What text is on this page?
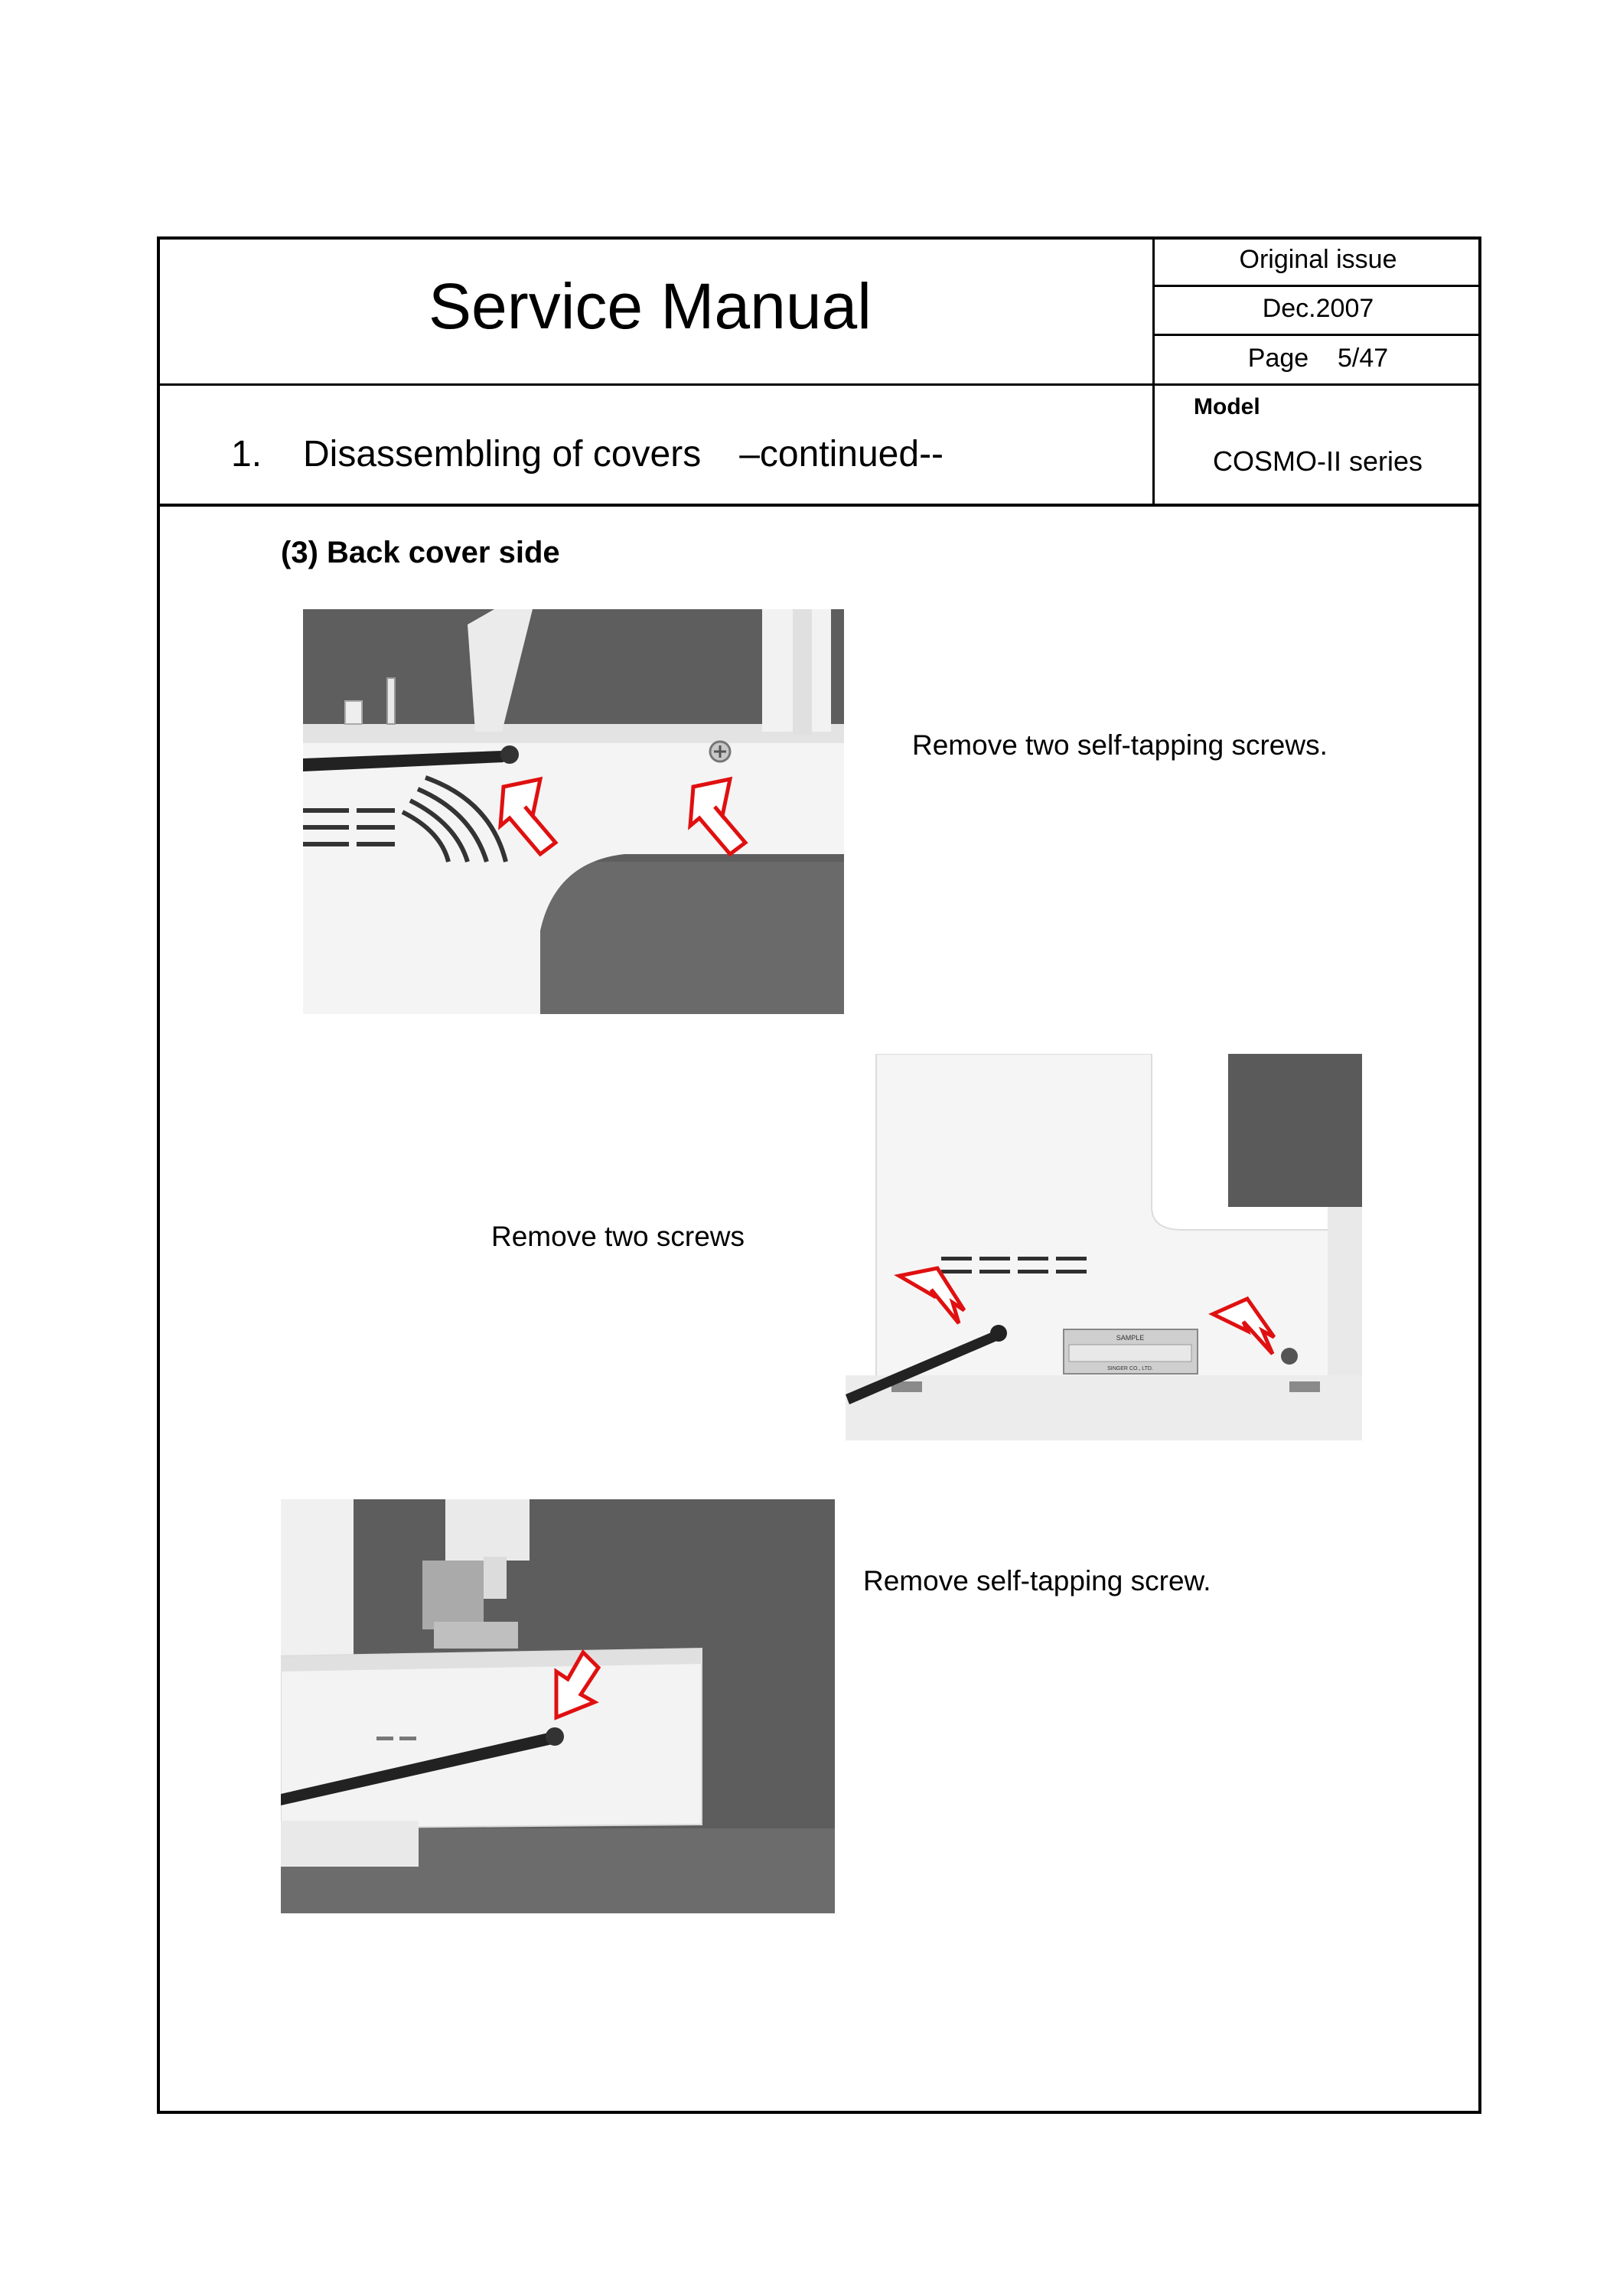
Service Manual
Original issue
Dec.2007
Page 5/47
Model
COSMO-II series
1. Disassembling of covers –continued--
(3) Back cover side
Remove two self-tapping screws.
Remove two screws
SAMPLE
SINGER CO., LTD.
Remove self-tapping screw.
